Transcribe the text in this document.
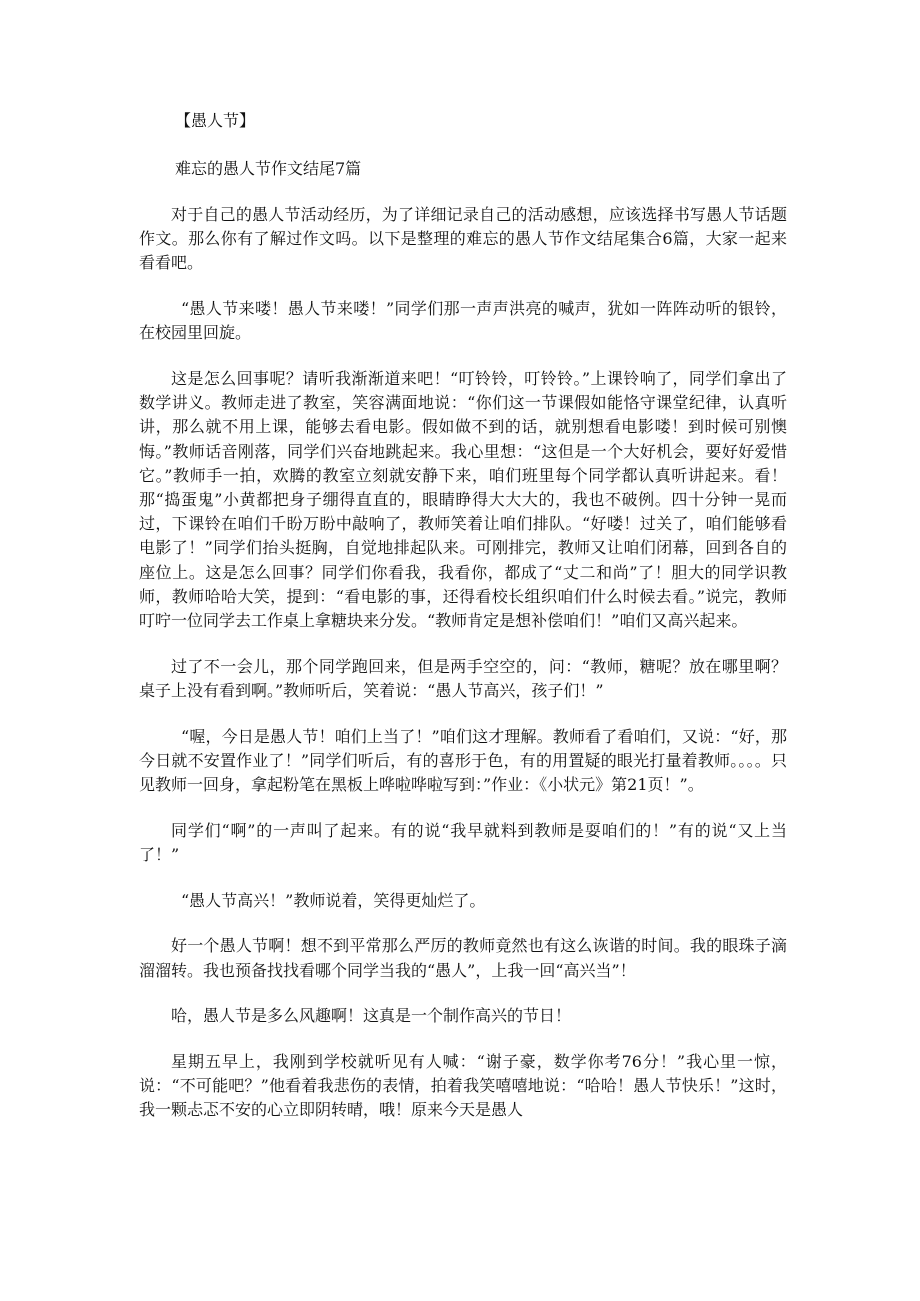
【愚人节】
难忘的愚人节作文结尾7篇

对于自己的愚人节活动经历，为了详细记录自己的活动感想，应该选择书写愚人节话题作文。那么你有了解过作文吗。以下是整理的难忘的愚人节作文结尾集合6篇，大家一起来看看吧。

“愚人节来喽！愚人节来喽！”同学们那一声声洪亮的喊声，犹如一阵阵动听的银铃，在校园里回旋。

这是怎么回事呢？请听我渐渐道来吧！“叮铃铃，叮铃铃。”上课铃响了，同学们拿出了数学讲义。教师走进了教室，笑容满面地说：“你们这一节课假如能恪守课堂纪律，认真听讲，那么就不用上课，能够去看电影。假如做不到的话，就别想看电影喽！到时候可别懊悔。”教师话音刚落，同学们兴奋地跳起来。我心里想：“这但是一个大好机会，要好好爱惜它。”教师手一拍，欢腾的教室立刻就安静下来，咱们班里每个同学都认真听讲起来。看！那“捣蛋鬼”小黄都把身子绷得直直的，眼睛睁得大大大的，我也不破例。四十分钟一晃而过，下课铃在咱们千盼万盼中敲响了，教师笑着让咱们排队。“好喽！过关了，咱们能够看电影了！”同学们抬头挺胸，自觉地排起队来。可刚排完，教师又让咱们闭幕，回到各自的座位上。这是怎么回事？同学们你看我，我看你，都成了“丈二和尚”了！胆大的同学识教师，教师哈哈大笑，提到：“看电影的事，还得看校长组织咱们什么时候去看。”说完，教师叮咛一位同学去工作桌上拿糖块来分发。“教师肯定是想补偿咱们！”咱们又高兴起来。

过了不一会儿，那个同学跑回来，但是两手空空的，问：“教师，糖呢？放在哪里啊？桌子上没有看到啊。”教师听后，笑着说：“愚人节高兴，孩子们！”

“喔，今日是愚人节！咱们上当了！”咱们这才理解。教师看了看咱们，又说：“好，那今日就不安置作业了！”同学们听后，有的喜形于色，有的用置疑的眼光打量着教师。。。。只见教师一回身，拿起粉笔在黑板上哗啦哗啦写到：”作业：《小状元》第21页！”。

同学们“啊”的一声叫了起来。有的说“我早就料到教师是耍咱们的！”有的说“又上当了！”

“愚人节高兴！”教师说着，笑得更灿烂了。

好一个愚人节啊！想不到平常那么严厉的教师竟然也有这么诙谐的时间。我的眼珠子滴溜溜转。我也预备找找看哪个同学当我的“愚人”，上我一回“高兴当”！

哈，愚人节是多么风趣啊！这真是一个制作高兴的节日！

星期五早上，我刚到学校就听见有人喊：“谢子豪，数学你考76分！”我心里一惊，说：“不可能吧？”他看着我悲伤的表情，拍着我笑嘻嘻地说：“哈哈！愚人节快乐！”这时，我一颗忐忑不安的心立即阴转晴，哦！原来今天是愚人
